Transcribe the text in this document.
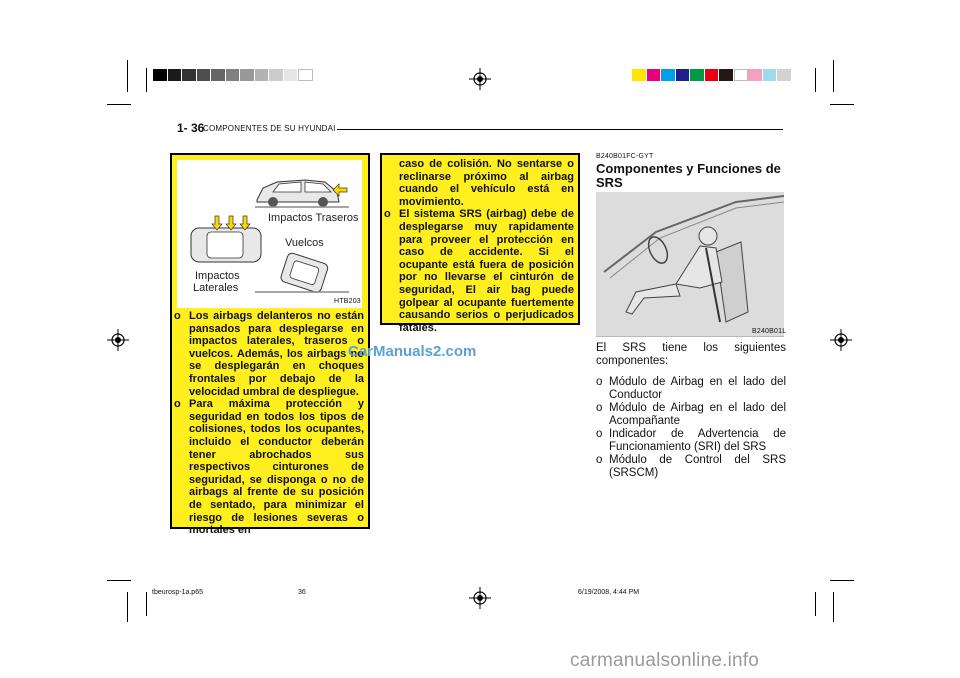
1- 36
COMPONENTES DE SU HYUNDAI
Impactos Traseros
Vuelcos
Impactos
Laterales
HTB203
o Los airbags delanteros no están pansados para desplegarse en impactos laterales, traseros o vuelcos. Además, los airbags no se desplegarán en choques frontales por debajo de la velocidad umbral de despliegue.
o Para máxima protección y seguridad en todos los tipos de colisiones, todos los ocupantes, incluido el conductor deberán tener abrochados sus respectivos cinturones de seguridad, se disponga o no de airbags al frente de su posición de sentado, para minimizar el riesgo de lesiones severas o mortales en

caso de colisión. No sentarse o reclinarse próximo al airbag cuando el vehículo está en movimiento.

o El sistema SRS (airbag) debe de desplegarse muy rapidamente para proveer el protección en caso de accidente. Si el ocupante está fuera de posición por no llevarse el cinturón de seguridad, El air bag puede golpear al ocupante fuertemente causando serios o perjudicados fatales.
B240B01FC-GYT
Componentes y Funciones de SRS
B240B01L
El SRS tiene los siguientes componentes:
o Módulo de Airbag en el lado del Conductor
o Módulo de Airbag en el lado del Acompañante
o Indicador de Advertencia de Funcionamiento (SRI) del SRS
o Módulo de Control del SRS (SRSCM)
tbeurosp-1a.p65	36	6/19/2008, 4:44 PM
CarManuals2.com
carmanualsonline.info
